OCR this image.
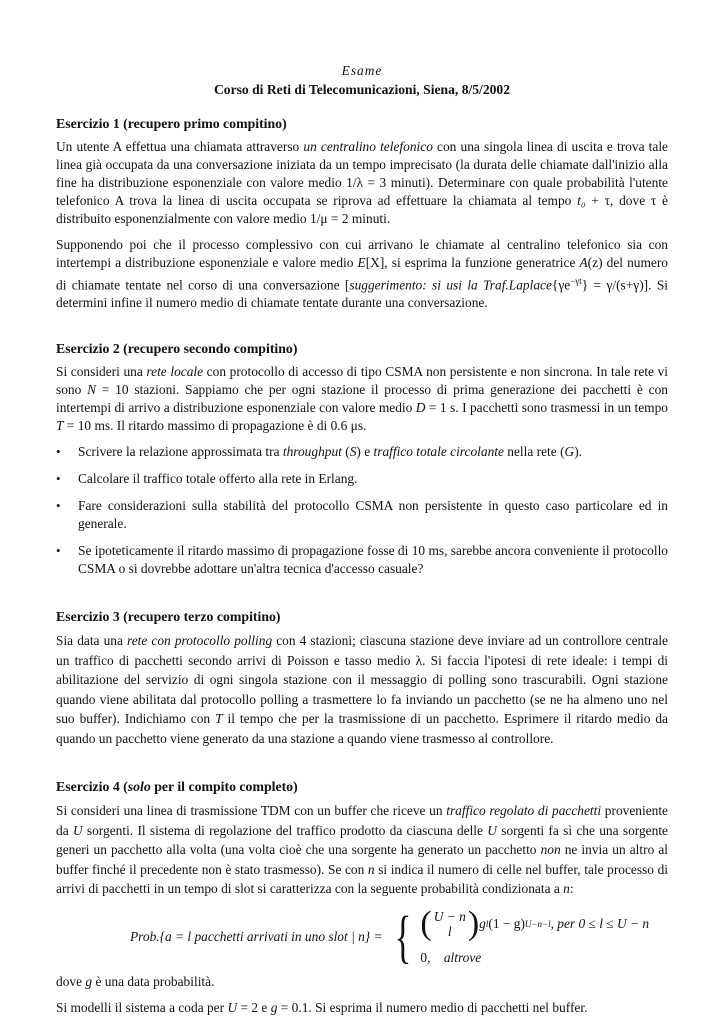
Esame
Corso di Reti di Telecomunicazioni, Siena, 8/5/2002
Esercizio 1 (recupero primo compitino)

Un utente A effettua una chiamata attraverso un centralino telefonico con una singola linea di uscita e trova tale linea già occupata da una conversazione iniziata da un tempo imprecisato (la durata delle chiamate dall'inizio alla fine ha distribuzione esponenziale con valore medio 1/λ = 3 minuti). Determinare con quale probabilità l'utente telefonico A trova la linea di uscita occupata se riprova ad effettuare la chiamata al tempo t₀ + τ, dove τ è distribuito esponenzialmente con valore medio 1/μ = 2 minuti.

Supponendo poi che il processo complessivo con cui arrivano le chiamate al centralino telefonico sia con intertempi a distribuzione esponenziale e valore medio E[X], si esprima la funzione generatrice A(z) del numero di chiamate tentate nel corso di una conversazione [suggerimento: si usi la $Traf.Laplace\{\gamma e^{-\gamma t}\} = \gamma/(s+\gamma)$]. Si determini infine il numero medio di chiamate tentate durante una conversazione.

Esercizio 2 (recupero secondo compitino)

Si consideri una rete locale con protocollo di accesso di tipo CSMA non persistente e non sincrona. In tale rete vi sono N = 10 stazioni. Sappiamo che per ogni stazione il processo di prima generazione dei pacchetti è con intertempi di arrivo a distribuzione esponenziale con valore medio D = 1 s. I pacchetti sono trasmessi in un tempo T = 10 ms. Il ritardo massimo di propagazione è di 0.6 μs.

• Scrivere la relazione approssimata tra throughput (S) e traffico totale circolante nella rete (G).
• Calcolare il traffico totale offerto alla rete in Erlang.
• Fare considerazioni sulla stabilità del protocollo CSMA non persistente in questo caso particolare ed in generale.
• Se ipoteticamente il ritardo massimo di propagazione fosse di 10 ms, sarebbe ancora conveniente il protocollo CSMA o si dovrebbe adottare un'altra tecnica d'accesso casuale?
Esercizio 3 (recupero terzo compitino)

Sia data una rete con protocollo polling con 4 stazioni; ciascuna stazione deve inviare ad un controllore centrale un traffico di pacchetti secondo arrivi di Poisson e tasso medio λ. Si faccia l'ipotesi di rete ideale: i tempi di abilitazione del servizio di ogni singola stazione con il messaggio di polling sono trascurabili. Ogni stazione quando viene abilitata dal protocollo polling a trasmettere lo fa inviando un pacchetto (se ne ha almeno uno nel suo buffer). Indichiamo con T il tempo che per la trasmissione di un pacchetto. Esprimere il ritardo medio da quando un pacchetto viene generato da una stazione a quando viene trasmesso al controllore.

Esercizio 4 (solo per il compito completo)

Si consideri una linea di trasmissione TDM con un buffer che riceve un traffico regolato di pacchetti proveniente da U sorgenti. Il sistema di regolazione del traffico prodotto da ciascuna delle U sorgenti fa sì che una sorgente generi un pacchetto alla volta (una volta cioè che una sorgente ha generato un pacchetto non ne invia un altro al buffer finché il precedente non è stato trasmesso). Se con n si indica il numero di celle nel buffer, tale processo di arrivi di pacchetti in un tempo di slot si caratterizza con la seguente probabilità condizionata a n:

Prob.{a = l pacchetti arrivati in uno slot | n} = { ( U − n
l ) g l (1 − g) U−n−l , per 0 ≤ l ≤ U − n
0, altrove

dove g è una data probabilità.

Si modelli il sistema a coda per U = 2 e g = 0.1. Si esprima il numero medio di pacchetti nel buffer.
